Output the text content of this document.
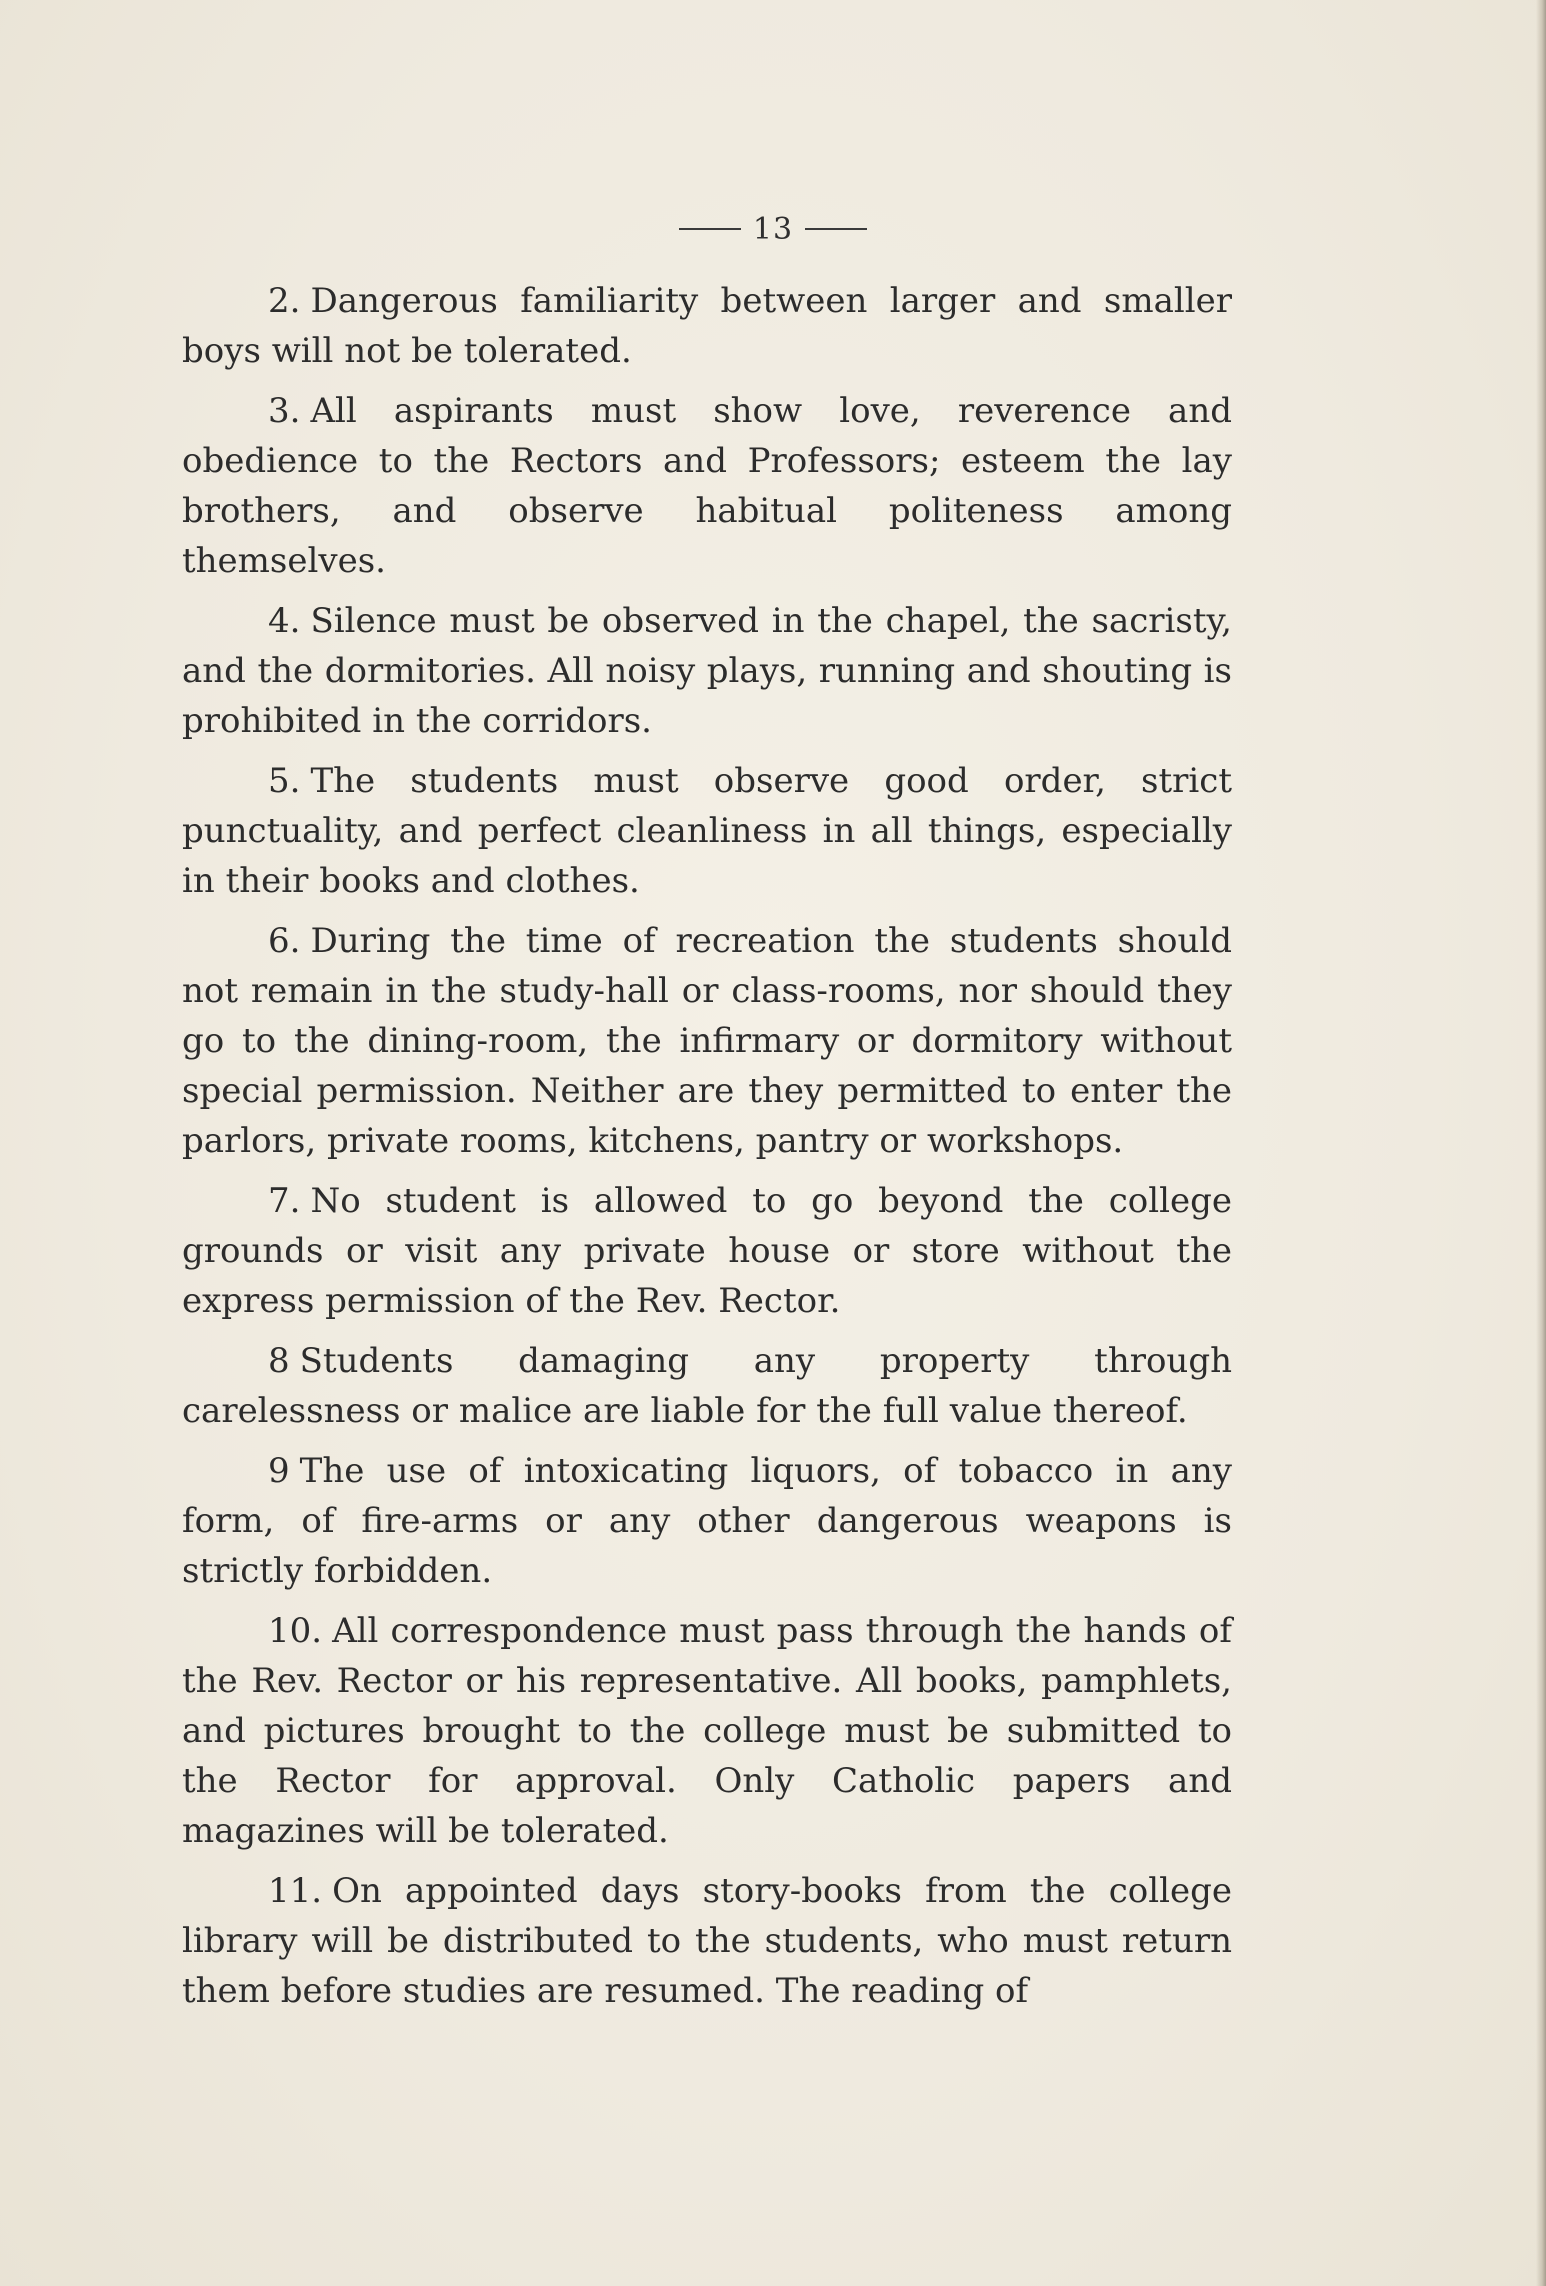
13

2. Dangerous familiarity between larger and smaller boys will not be tolerated.

3. All aspirants must show love, reverence and obedience to the Rectors and Professors; esteem the lay brothers, and observe habitual politeness among themselves.

4. Silence must be observed in the chapel, the sacristy, and the dormitories. All noisy plays, running and shouting is prohibited in the corridors.

5. The students must observe good order, strict punctuality, and perfect cleanliness in all things, especially in their books and clothes.

6. During the time of recreation the students should not remain in the study-hall or class-rooms, nor should they go to the dining-room, the infirmary or dormitory without special permission. Neither are they permitted to enter the parlors, private rooms, kitchens, pantry or workshops.

7. No student is allowed to go beyond the college grounds or visit any private house or store without the express permission of the Rev. Rector.

8 Students damaging any property through carelessness or malice are liable for the full value thereof.

9 The use of intoxicating liquors, of tobacco in any form, of fire-arms or any other dangerous weapons is strictly forbidden.

10. All correspondence must pass through the hands of the Rev. Rector or his representative. All books, pamphlets, and pictures brought to the college must be submitted to the Rector for approval. Only Catholic papers and magazines will be tolerated.

11. On appointed days story-books from the college library will be distributed to the students, who must return them before studies are resumed. The reading of
